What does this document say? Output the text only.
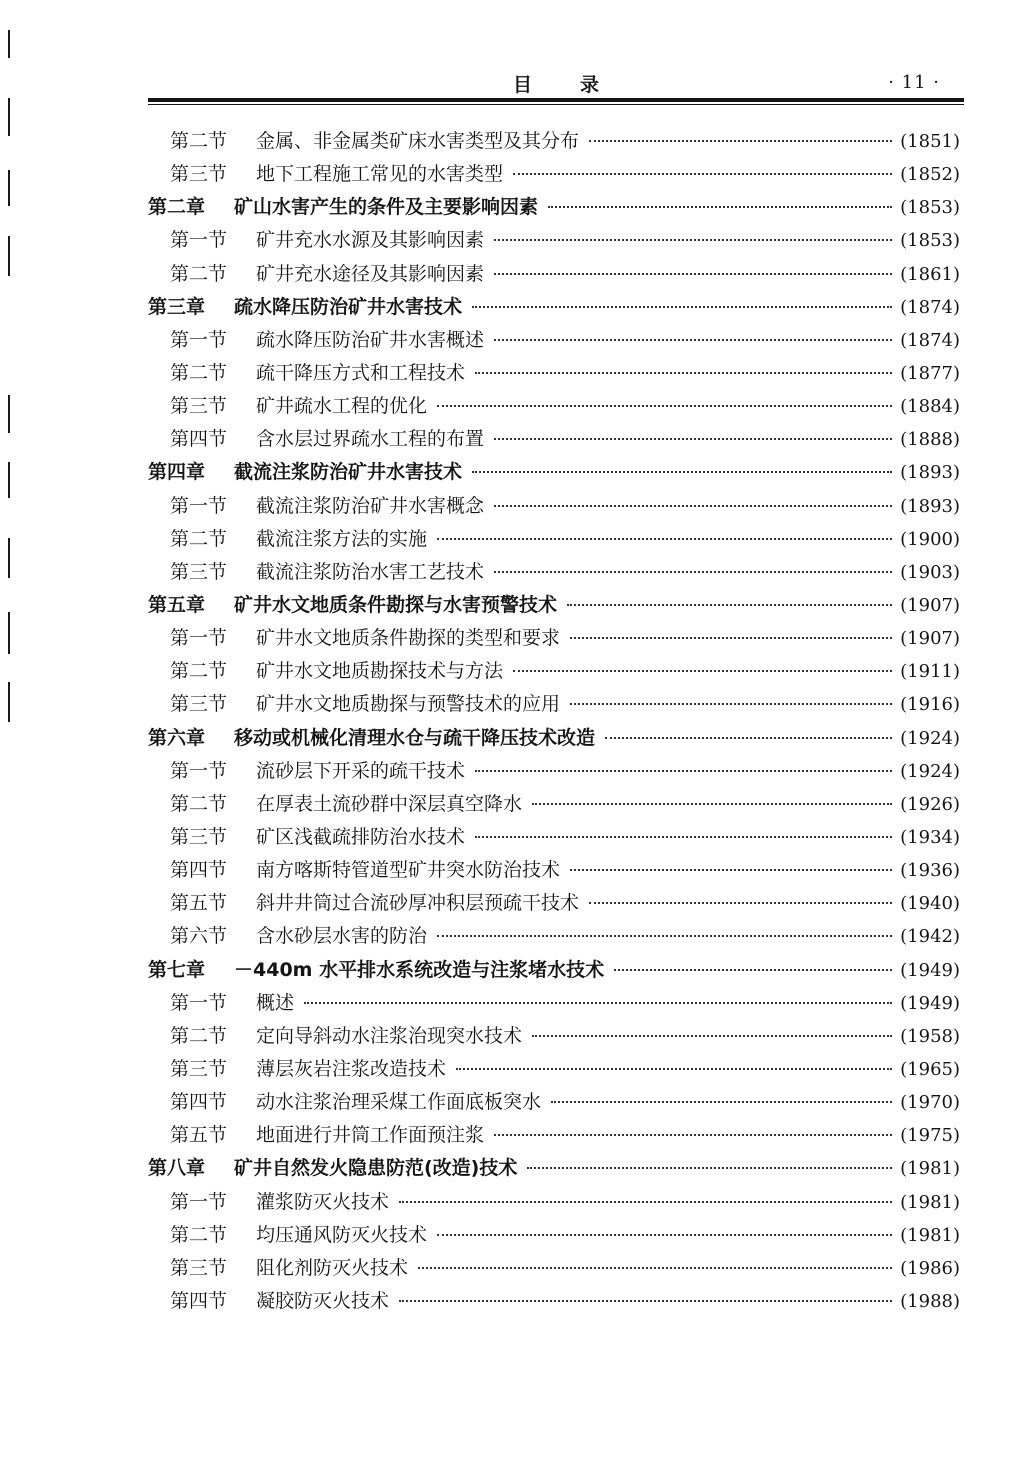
目	录	· 11 ·
第二节	金属、非金属类矿床水害类型及其分布	(1851)
第三节	地下工程施工常见的水害类型	(1852)
第二章	矿山水害产生的条件及主要影响因素	(1853)
第一节	矿井充水水源及其影响因素	(1853)
第二节	矿井充水途径及其影响因素	(1861)
第三章	疏水降压防治矿井水害技术	(1874)
第一节	疏水降压防治矿井水害概述	(1874)
第二节	疏干降压方式和工程技术	(1877)
第三节	矿井疏水工程的优化	(1884)
第四节	含水层过界疏水工程的布置	(1888)
第四章	截流注浆防治矿井水害技术	(1893)
第一节	截流注浆防治矿井水害概念	(1893)
第二节	截流注浆方法的实施	(1900)
第三节	截流注浆防治水害工艺技术	(1903)
第五章	矿井水文地质条件勘探与水害预警技术	(1907)
第一节	矿井水文地质条件勘探的类型和要求	(1907)
第二节	矿井水文地质勘探技术与方法	(1911)
第三节	矿井水文地质勘探与预警技术的应用	(1916)
第六章	移动或机械化清理水仓与疏干降压技术改造	(1924)
第一节	流砂层下开采的疏干技术	(1924)
第二节	在厚表土流砂群中深层真空降水	(1926)
第三节	矿区浅截疏排防治水技术	(1934)
第四节	南方喀斯特管道型矿井突水防治技术	(1936)
第五节	斜井井筒过合流砂厚冲积层预疏干技术	(1940)
第六节	含水砂层水害的防治	(1942)
第七章	－440m 水平排水系统改造与注浆堵水技术	(1949)
第一节	概述	(1949)
第二节	定向导斜动水注浆治现突水技术	(1958)
第三节	薄层灰岩注浆改造技术	(1965)
第四节	动水注浆治理采煤工作面底板突水	(1970)
第五节	地面进行井筒工作面预注浆	(1975)
第八章	矿井自然发火隐患防范(改造)技术	(1981)
第一节	灌浆防灭火技术	(1981)
第二节	均压通风防灭火技术	(1981)
第三节	阻化剂防灭火技术	(1986)
第四节	凝胶防灭火技术	(1988)
